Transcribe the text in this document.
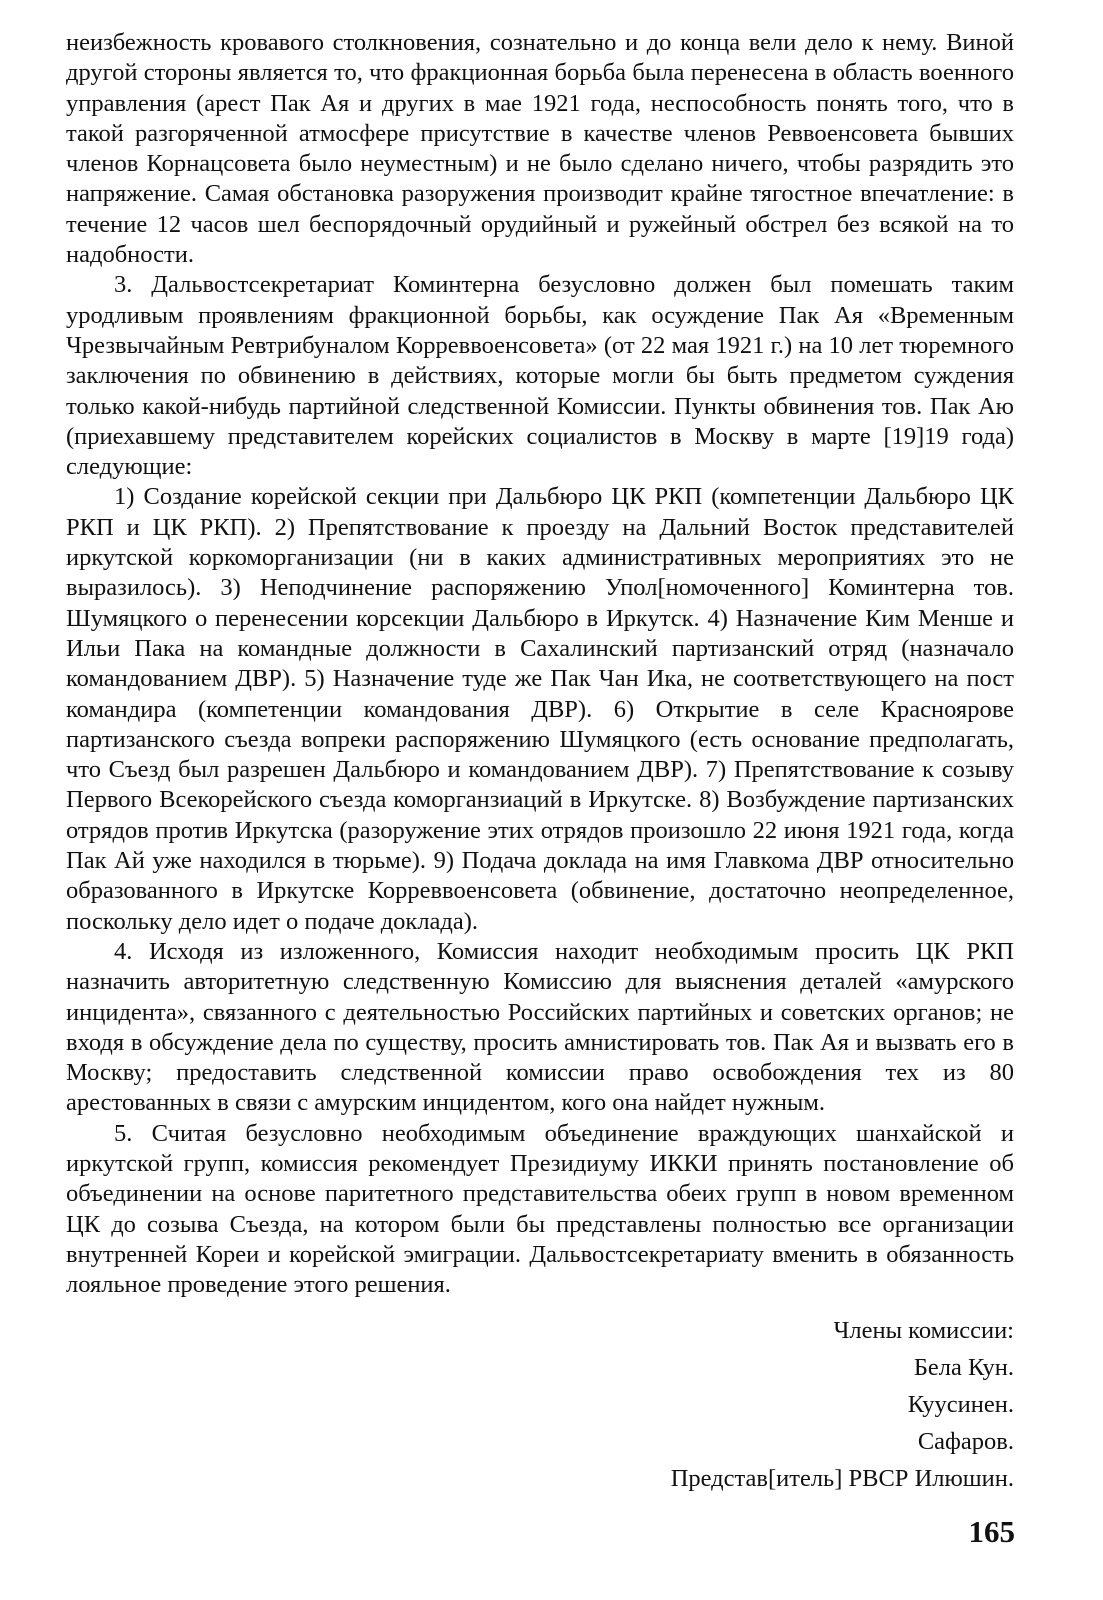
неизбежность кровавого столкновения, сознательно и до конца вели дело к нему. Виной другой стороны является то, что фракционная борьба была перенесена в область военного управления (арест Пак Ая и других в мае 1921 года, неспособность понять того, что в такой разгоряченной атмосфере присутствие в качестве членов Реввоенсовета бывших членов Корнацсовета было неуместным) и не было сделано ничего, чтобы разрядить это напряжение. Самая обстановка разоружения производит крайне тягостное впечатление: в течение 12 часов шел беспорядочный орудийный и ружейный обстрел без всякой на то надобности.

3. Дальвостсекретариат Коминтерна безусловно должен был помешать таким уродливым проявлениям фракционной борьбы, как осуждение Пак Ая «Временным Чрезвычайным Ревтрибуналом Корреввоенсовета» (от 22 мая 1921 г.) на 10 лет тюремного заключения по обвинению в действиях, которые могли бы быть предметом суждения только какой-нибудь партийной следственной Комиссии. Пункты обвинения тов. Пак Аю (приехавшему представителем корейских социалистов в Москву в марте [19]19 года) следующие:

1) Создание корейской секции при Дальбюро ЦК РКП (компетенции Дальбюро ЦК РКП и ЦК РКП). 2) Препятствование к проезду на Дальний Восток представителей иркутской коркоморганизации (ни в каких административных мероприятиях это не выразилось). 3) Неподчинение распоряжению Упол[номоченного] Коминтерна тов. Шумяцкого о перенесении корсекции Дальбюро в Иркутск. 4) Назначение Ким Менше и Ильи Пака на командные должности в Сахалинский партизанский отряд (назначало командованием ДВР). 5) Назначение туде же Пак Чан Ика, не соответствующего на пост командира (компетенции командования ДВР). 6) Открытие в селе Красноярове партизанского съезда вопреки распоряжению Шумяцкого (есть основание предполагать, что Съезд был разрешен Дальбюро и командованием ДВР). 7) Препятствование к созыву Первого Всекорейского съезда коморганзиаций в Иркутске. 8) Возбуждение партизанских отрядов против Иркутска (разоружение этих отрядов произошло 22 июня 1921 года, когда Пак Ай уже находился в тюрьме). 9) Подача доклада на имя Главкома ДВР относительно образованного в Иркутске Корреввоенсовета (обвинение, достаточно неопределенное, поскольку дело идет о подаче доклада).

4. Исходя из изложенного, Комиссия находит необходимым просить ЦК РКП назначить авторитетную следственную Комиссию для выяснения деталей «амурского инцидента», связанного с деятельностью Российских партийных и советских органов; не входя в обсуждение дела по существу, просить амнистировать тов. Пак Ая и вызвать его в Москву; предоставить следственной комиссии право освобождения тех из 80 арестованных в связи с амурским инцидентом, кого она найдет нужным.

5. Считая безусловно необходимым объединение враждующих шанхайской и иркутской групп, комиссия рекомендует Президиуму ИККИ принять постановление об объединении на основе паритетного представительства обеих групп в новом временном ЦК до созыва Съезда, на котором были бы представлены полностью все организации внутренней Кореи и корейской эмиграции. Дальвостсекретариату вменить в обязанность лояльное проведение этого решения.

Члены комиссии:
Бела Кун.
Куусинен.
Сафаров.
Представ[итель] РВСР Илюшин.
165
